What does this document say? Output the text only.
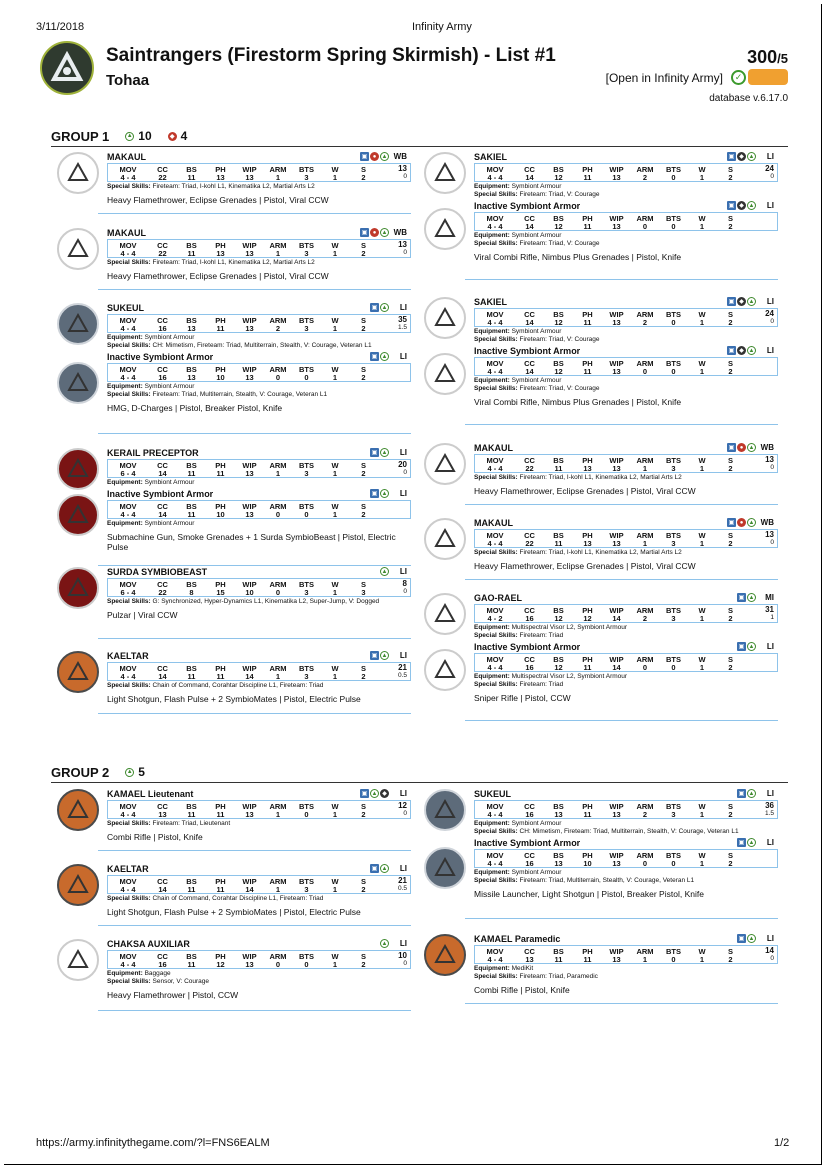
3/11/2018	Infinity Army
Saintrangers (Firestorm Spring Skirmish) - List #1
Tohaa
300/5
[Open in Infinity Army]	✓
database v.6.17.0
GROUP 1	▲ 10	◆ 4
GROUP 2	▲ 5
https://army.infinitythegame.com/?l=FNS6EALM	1/2
MAKAUL	WB
▣ ● ▲
MOV	CC	BS	PH	WIP	ARM	BTS	W	S
4 - 4	22	11	13	13	1	3	1	2
13
0
Special Skills: Fireteam: Triad, I-kohl L1, Kinematika L2, Martial Arts L2
Heavy Flamethrower, Eclipse Grenades | Pistol, Viral CCW
MAKAUL	WB
▣ ● ▲
MOV	CC	BS	PH	WIP	ARM	BTS	W	S
4 - 4	22	11	13	13	1	3	1	2
13
0
Special Skills: Fireteam: Triad, I-kohl L1, Kinematika L2, Martial Arts L2
Heavy Flamethrower, Eclipse Grenades | Pistol, Viral CCW
SUKEUL	LI
▣ ▲
MOV	CC	BS	PH	WIP	ARM	BTS	W	S
4 - 4	16	13	11	13	2	3	1	2
35
1.5
Equipment: Symbiont Armour
Special Skills: CH: Mimetism, Fireteam: Triad, Multiterrain, Stealth, V: Courage, Veteran L1
Inactive Symbiont Armor	LI
▣ ▲
MOV	CC	BS	PH	WIP	ARM	BTS	W	S
4 - 4	16	13	10	13	0	0	1	2
Equipment: Symbiont Armour
Special Skills: Fireteam: Triad, Multiterrain, Stealth, V: Courage, Veteran L1
HMG, D-Charges | Pistol, Breaker Pistol, Knife
KERAIL PRECEPTOR	LI
▣ ▲
MOV	CC	BS	PH	WIP	ARM	BTS	W	S
6 - 4	14	11	11	13	1	3	1	2
20
0
Equipment: Symbiont Armour
Inactive Symbiont Armor	LI
▣ ▲
MOV	CC	BS	PH	WIP	ARM	BTS	W	S
4 - 4	14	11	10	13	0	0	1	2
Equipment: Symbiont Armour
Submachine Gun, Smoke Grenades + 1 Surda SymbioBeast | Pistol, Electric Pulse
SURDA SYMBIOBEAST	LI
▲
MOV	CC	BS	PH	WIP	ARM	BTS	W	S
6 - 4	22	8	15	10	0	3	1	3
8
0
Special Skills: G: Synchronized, Hyper-Dynamics L1, Kinematika L2, Super-Jump, V: Dogged
Pulzar | Viral CCW
KAELTAR	LI
▣ ▲
MOV	CC	BS	PH	WIP	ARM	BTS	W	S
4 - 4	14	11	11	14	1	3	1	2
21
0.5
Special Skills: Chain of Command, Corahtar Discipline L1, Fireteam: Triad
Light Shotgun, Flash Pulse + 2 SymbioMates | Pistol, Electric Pulse
SAKIEL	LI
▣ ◆ ▲
MOV	CC	BS	PH	WIP	ARM	BTS	W	S
4 - 4	14	12	11	13	2	0	1	2
24
0
Equipment: Symbiont Armour
Special Skills: Fireteam: Triad, V: Courage
Inactive Symbiont Armor	LI
▣ ◆ ▲
MOV	CC	BS	PH	WIP	ARM	BTS	W	S
4 - 4	14	12	11	13	0	0	1	2
Equipment: Symbiont Armour
Special Skills: Fireteam: Triad, V: Courage
Viral Combi Rifle, Nimbus Plus Grenades | Pistol, Knife
SAKIEL	LI
▣ ◆ ▲
MOV	CC	BS	PH	WIP	ARM	BTS	W	S
4 - 4	14	12	11	13	2	0	1	2
24
0
Equipment: Symbiont Armour
Special Skills: Fireteam: Triad, V: Courage
Inactive Symbiont Armor	LI
▣ ◆ ▲
MOV	CC	BS	PH	WIP	ARM	BTS	W	S
4 - 4	14	12	11	13	0	0	1	2
Equipment: Symbiont Armour
Special Skills: Fireteam: Triad, V: Courage
Viral Combi Rifle, Nimbus Plus Grenades | Pistol, Knife
MAKAUL	WB
▣ ● ▲
MOV	CC	BS	PH	WIP	ARM	BTS	W	S
4 - 4	22	11	13	13	1	3	1	2
13
0
Special Skills: Fireteam: Triad, I-kohl L1, Kinematika L2, Martial Arts L2
Heavy Flamethrower, Eclipse Grenades | Pistol, Viral CCW
MAKAUL	WB
▣ ● ▲
MOV	CC	BS	PH	WIP	ARM	BTS	W	S
4 - 4	22	11	13	13	1	3	1	2
13
0
Special Skills: Fireteam: Triad, I-kohl L1, Kinematika L2, Martial Arts L2
Heavy Flamethrower, Eclipse Grenades | Pistol, Viral CCW
GAO-RAEL	MI
▣ ▲
MOV	CC	BS	PH	WIP	ARM	BTS	W	S
4 - 2	16	12	12	14	2	3	1	2
31
1
Equipment: Multispectral Visor L2, Symbiont Armour
Special Skills: Fireteam: Triad
Inactive Symbiont Armor	LI
▣ ▲
MOV	CC	BS	PH	WIP	ARM	BTS	W	S
4 - 4	16	12	11	14	0	0	1	2
Equipment: Multispectral Visor L2, Symbiont Armour
Special Skills: Fireteam: Triad
Sniper Rifle | Pistol, CCW
KAMAEL Lieutenant	LI
▣ ▲ ◆
MOV	CC	BS	PH	WIP	ARM	BTS	W	S
4 - 4	13	11	11	13	1	0	1	2
12
0
Special Skills: Fireteam: Triad, Lieutenant
Combi Rifle | Pistol, Knife
KAELTAR	LI
▣ ▲
MOV	CC	BS	PH	WIP	ARM	BTS	W	S
4 - 4	14	11	11	14	1	3	1	2
21
0.5
Special Skills: Chain of Command, Corahtar Discipline L1, Fireteam: Triad
Light Shotgun, Flash Pulse + 2 SymbioMates | Pistol, Electric Pulse
CHAKSA AUXILIAR	LI
▲
MOV	CC	BS	PH	WIP	ARM	BTS	W	S
4 - 4	16	11	12	13	0	0	1	2
10
0
Equipment: Baggage
Special Skills: Sensor, V: Courage
Heavy Flamethrower | Pistol, CCW
SUKEUL	LI
▣ ▲
MOV	CC	BS	PH	WIP	ARM	BTS	W	S
4 - 4	16	13	11	13	2	3	1	2
36
1.5
Equipment: Symbiont Armour
Special Skills: CH: Mimetism, Fireteam: Triad, Multiterrain, Stealth, V: Courage, Veteran L1
Inactive Symbiont Armor	LI
▣ ▲
MOV	CC	BS	PH	WIP	ARM	BTS	W	S
4 - 4	16	13	10	13	0	0	1	2
Equipment: Symbiont Armour
Special Skills: Fireteam: Triad, Multiterrain, Stealth, V: Courage, Veteran L1
Missile Launcher, Light Shotgun | Pistol, Breaker Pistol, Knife
KAMAEL Paramedic	LI
▣ ▲
MOV	CC	BS	PH	WIP	ARM	BTS	W	S
4 - 4	13	11	11	13	1	0	1	2
14
0
Equipment: MediKit
Special Skills: Fireteam: Triad, Paramedic
Combi Rifle | Pistol, Knife
